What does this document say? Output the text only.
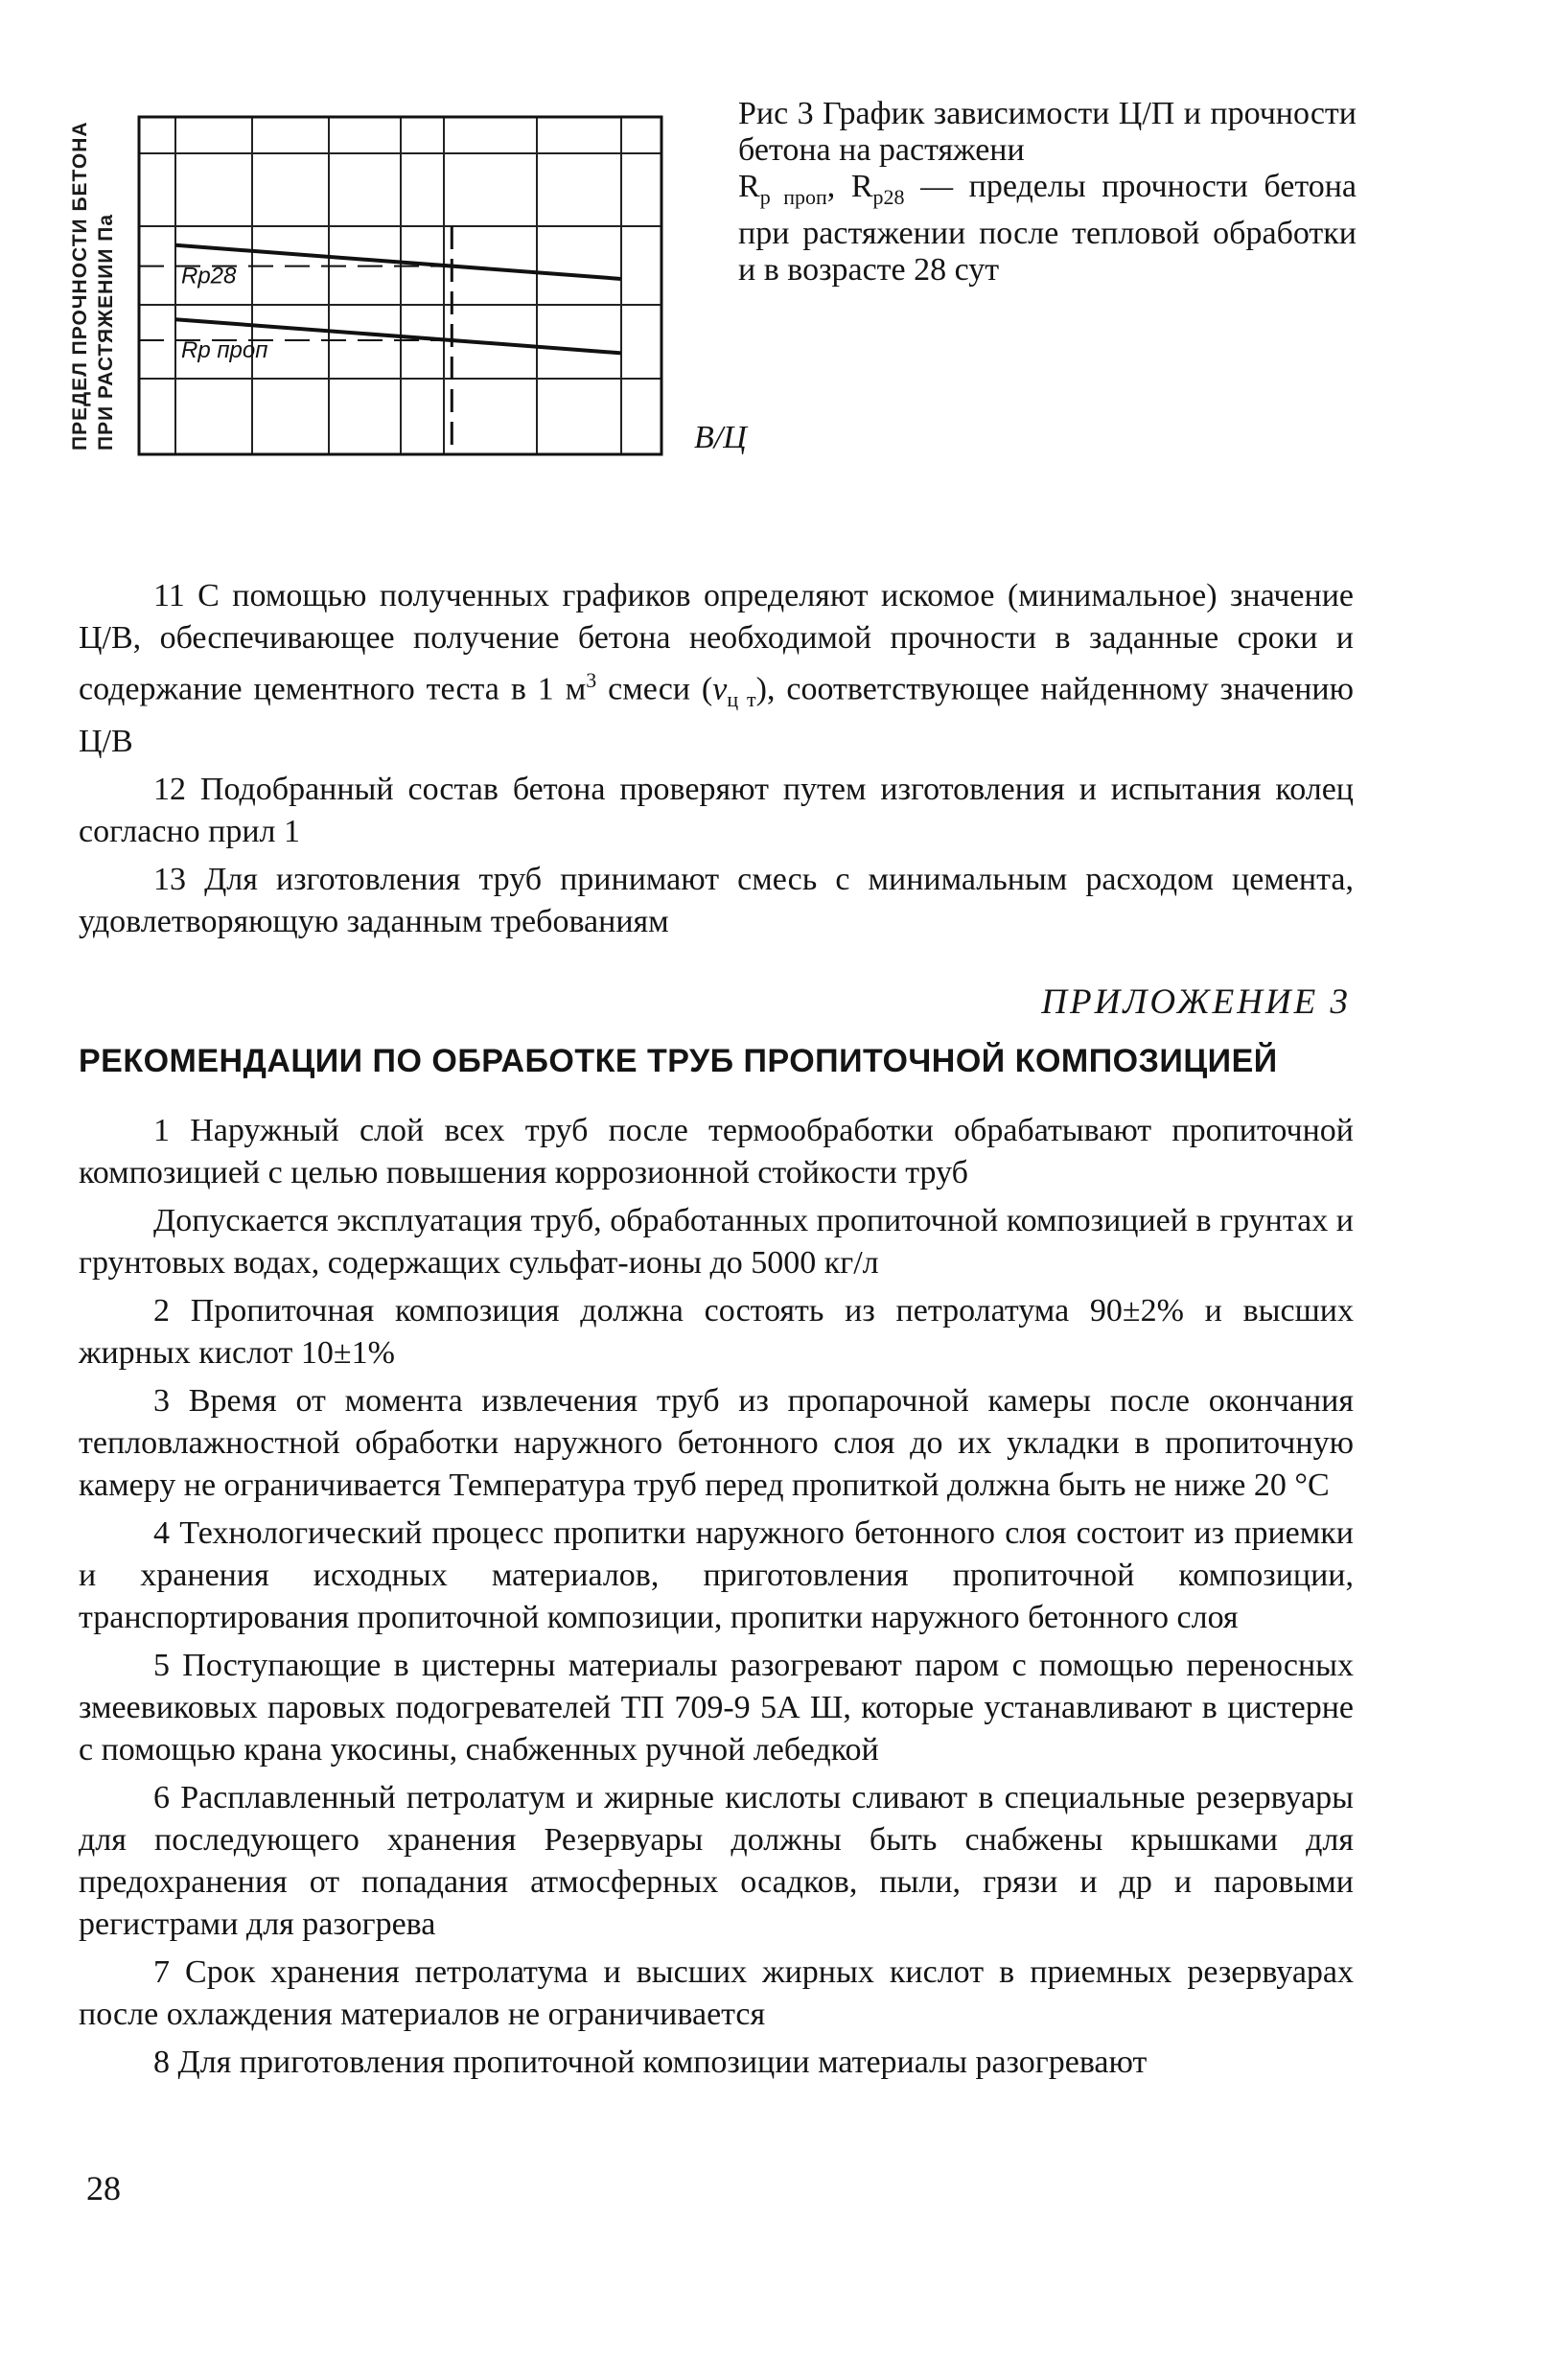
ПРЕДЕЛ ПРОЧНОСТИ БЕТОНА ПРИ РАСТЯЖЕНИИ Па	Rp28
Rp проп
В/Ц
Рис 3 График зависимости Ц/П и прочности бетона на растяжени
$R_{р проп}$, $R_{р28}$ — пределы прочности бетона при растяжении после тепловой обработки и в возрасте 28 сут

11 С помощью полученных графиков определяют искомое (минимальное) значение Ц/В, обеспечивающее получение бетона необходимой прочности в заданные сроки и содержание цементного теста в 1 $м^3$ смеси $(v_{ц т})$, соответствующее найденному значению Ц/В

12 Подобранный состав бетона проверяют путем изготовления и испытания колец согласно прил 1

13 Для изготовления труб принимают смесь с минимальным расходом цемента, удовлетворяющую заданным требованиям

ПРИЛОЖЕНИЕ 3
РЕКОМЕНДАЦИИ ПО ОБРАБОТКЕ ТРУБ ПРОПИТОЧНОЙ КОМПОЗИЦИЕЙ

1 Наружный слой всех труб после термообработки обрабатывают пропиточной композицией с целью повышения коррозионной стойкости труб

Допускается эксплуатация труб, обработанных пропиточной композицией в грунтах и грунтовых водах, содержащих сульфат-ионы до 5000 кг/л

2 Пропиточная композиция должна состоять из петролатума 90±2% и высших жирных кислот 10±1%

3 Время от момента извлечения труб из пропарочной камеры после окончания тепловлажностной обработки наружного бетонного слоя до их укладки в пропиточную камеру не ограничивается Температура труб перед пропиткой должна быть не ниже 20 °С

4 Технологический процесс пропитки наружного бетонного слоя состоит из приемки и хранения исходных материалов, приготовления пропиточной композиции, транспортирования пропиточной композиции, пропитки наружного бетонного слоя

5 Поступающие в цистерны материалы разогревают паром с помощью переносных змеевиковых паровых подогревателей ТП 709-9 5А Ш, которые устанавливают в цистерне с помощью крана укосины, снабженных ручной лебедкой

6 Расплавленный петролатум и жирные кислоты сливают в специальные резервуары для последующего хранения Резервуары должны быть снабжены крышками для предохранения от попадания атмосферных осадков, пыли, грязи и др и паровыми регистрами для разогрева

7 Срок хранения петролатума и высших жирных кислот в приемных резервуарах после охлаждения материалов не ограничивается

8 Для приготовления пропиточной композиции материалы разогревают

28
